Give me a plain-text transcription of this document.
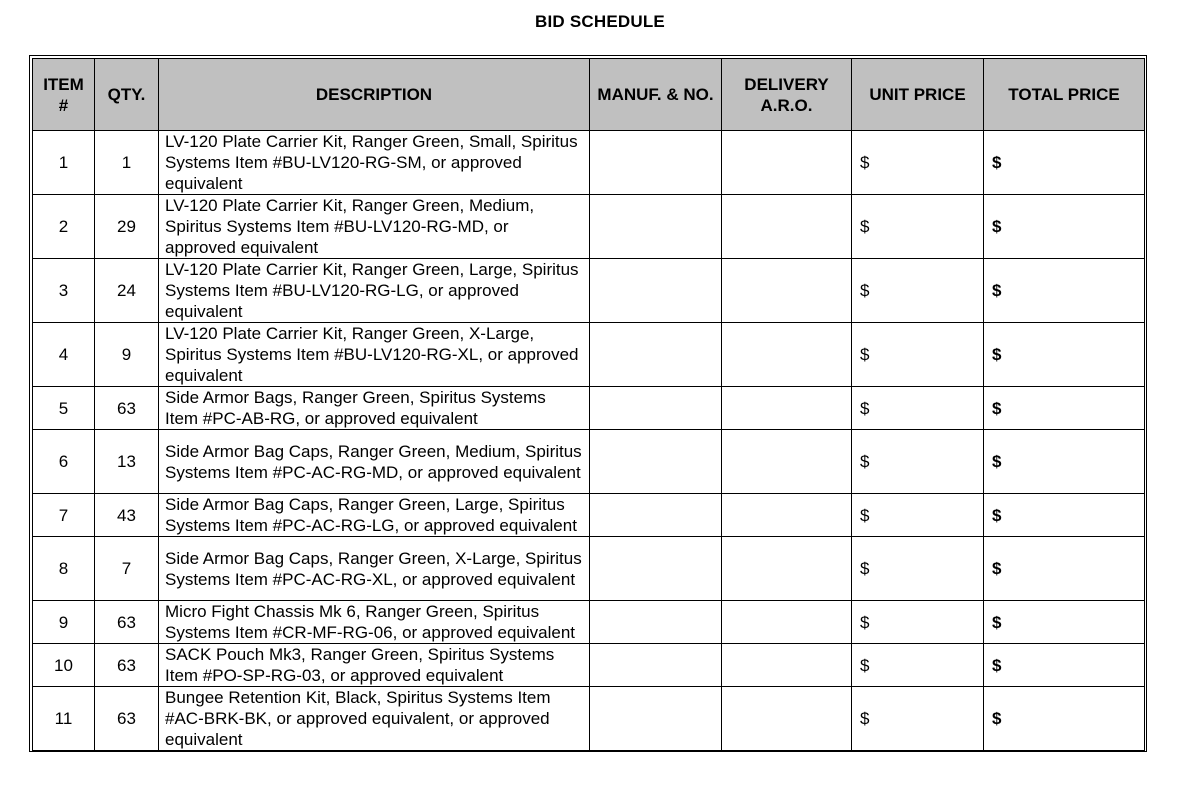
BID SCHEDULE
ITEM #	QTY.	DESCRIPTION	MANUF. & NO.	DELIVERY A.R.O.	UNIT PRICE	TOTAL PRICE
1	1	LV-120 Plate Carrier Kit, Ranger Green, Small, Spiritus Systems Item #BU-LV120-RG-SM, or approved equivalent			$	$
2	29	LV-120 Plate Carrier Kit, Ranger Green, Medium, Spiritus Systems Item #BU-LV120-RG-MD, or approved equivalent			$	$
3	24	LV-120 Plate Carrier Kit, Ranger Green, Large, Spiritus Systems Item #BU-LV120-RG-LG, or approved equivalent			$	$
4	9	LV-120 Plate Carrier Kit, Ranger Green, X-Large, Spiritus Systems Item #BU-LV120-RG-XL, or approved equivalent			$	$
5	63	Side Armor Bags, Ranger Green, Spiritus Systems Item #PC-AB-RG, or approved equivalent			$	$
6	13	Side Armor Bag Caps, Ranger Green, Medium, Spiritus Systems Item #PC-AC-RG-MD, or approved equivalent			$	$
7	43	Side Armor Bag Caps, Ranger Green, Large, Spiritus Systems Item #PC-AC-RG-LG, or approved equivalent			$	$
8	7	Side Armor Bag Caps, Ranger Green, X-Large, Spiritus Systems Item #PC-AC-RG-XL, or approved equivalent			$	$
9	63	Micro Fight Chassis Mk 6, Ranger Green, Spiritus Systems Item #CR-MF-RG-06, or approved equivalent			$	$
10	63	SACK Pouch Mk3, Ranger Green, Spiritus Systems Item #PO-SP-RG-03, or approved equivalent			$	$
11	63	Bungee Retention Kit, Black, Spiritus Systems Item #AC-BRK-BK, or approved equivalent, or approved equivalent			$	$
